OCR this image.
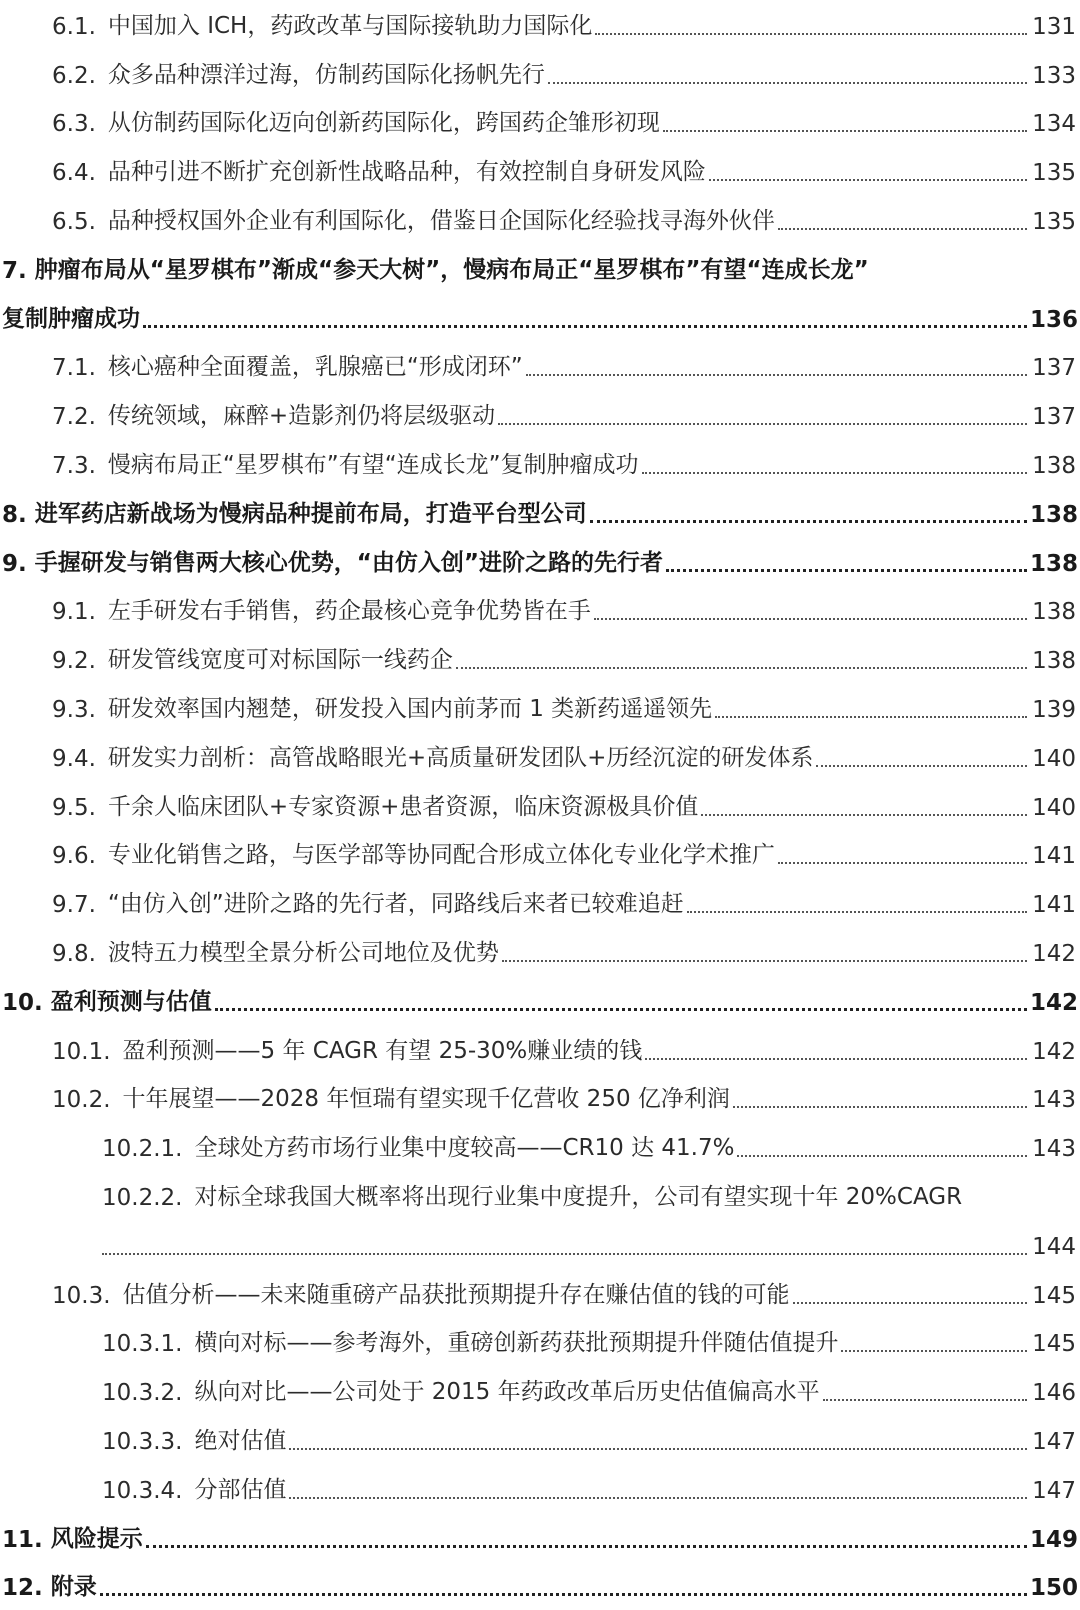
6.1. 中国加入 ICH，药政改革与国际接轨助力国际化	131
6.2. 众多品种漂洋过海，仿制药国际化扬帆先行	133
6.3. 从仿制药国际化迈向创新药国际化，跨国药企雏形初现	134
6.4. 品种引进不断扩充创新性战略品种，有效控制自身研发风险	135
6.5. 品种授权国外企业有利国际化，借鉴日企国际化经验找寻海外伙伴	135
7. 肿瘤布局从“星罗棋布”渐成“参天大树”，慢病布局正“星罗棋布”有望“连成长龙”
复制肿瘤成功	136
7.1. 核心癌种全面覆盖，乳腺癌已“形成闭环”	137
7.2. 传统领域，麻醉+造影剂仍将层级驱动	137
7.3. 慢病布局正“星罗棋布”有望“连成长龙”复制肿瘤成功	138
8. 进军药店新战场为慢病品种提前布局，打造平台型公司	138
9. 手握研发与销售两大核心优势，“由仿入创”进阶之路的先行者	138
9.1. 左手研发右手销售，药企最核心竞争优势皆在手	138
9.2. 研发管线宽度可对标国际一线药企	138
9.3. 研发效率国内翘楚，研发投入国内前茅而 1 类新药遥遥领先	139
9.4. 研发实力剖析：高管战略眼光+高质量研发团队+历经沉淀的研发体系	140
9.5. 千余人临床团队+专家资源+患者资源，临床资源极具价值	140
9.6. 专业化销售之路，与医学部等协同配合形成立体化专业化学术推广	141
9.7. “由仿入创”进阶之路的先行者，同路线后来者已较难追赶	141
9.8. 波特五力模型全景分析公司地位及优势	142
10. 盈利预测与估值	142
10.1. 盈利预测——5 年 CAGR 有望 25-30%赚业绩的钱	142
10.2. 十年展望——2028 年恒瑞有望实现千亿营收 250 亿净利润	143
10.2.1. 全球处方药市场行业集中度较高——CR10 达 41.7%	143
10.2.2. 对标全球我国大概率将出现行业集中度提升，公司有望实现十年 20%CAGR
144
10.3. 估值分析——未来随重磅产品获批预期提升存在赚估值的钱的可能	145
10.3.1. 横向对标——参考海外，重磅创新药获批预期提升伴随估值提升	145
10.3.2. 纵向对比——公司处于 2015 年药政改革后历史估值偏高水平	146
10.3.3. 绝对估值	147
10.3.4. 分部估值	147
11. 风险提示	149
12. 附录	150
